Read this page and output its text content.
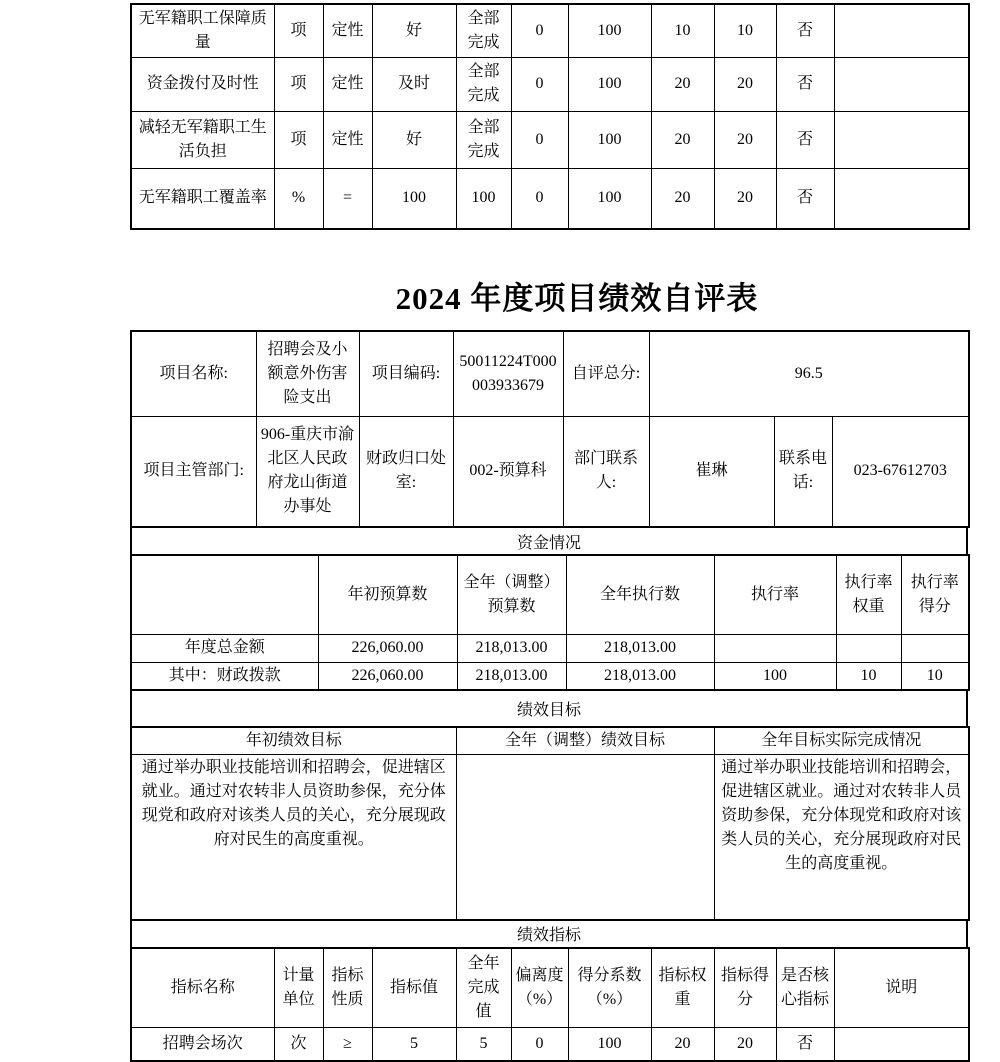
无军籍职工保障质量	项	定性	好	全部完成	0	100	10	10	否	
资金拨付及时性	项	定性	及时	全部完成	0	100	20	20	否	
减轻无军籍职工生活负担	项	定性	好	全部完成	0	100	20	20	否	
无军籍职工覆盖率	%	=	100	100	0	100	20	20	否	
2024 年度项目绩效自评表
项目名称:	招聘会及小额意外伤害险支出	项目编码:	50011224T000003933679	自评总分:	96.5		
项目主管部门:	906-重庆市渝北区人民政府龙山街道办事处	财政归口处室:	002-预算科	部门联系人:	崔琳	联系电话:	023-67612703
资金情况
	年初预算数	全年（调整）预算数	全年执行数	执行率	执行率权重	执行率得分
年度总金额	226,060.00	218,013.00	218,013.00			
其中：财政拨款	226,060.00	218,013.00	218,013.00	100	10	10
绩效目标
年初绩效目标	全年（调整）绩效目标	全年目标实际完成情况
通过举办职业技能培训和招聘会，促进辖区就业。通过对农转非人员资助参保，充分体现党和政府对该类人员的关心，充分展现政府对民生的高度重视。		通过举办职业技能培训和招聘会，促进辖区就业。通过对农转非人员资助参保，充分体现党和政府对该类人员的关心，充分展现政府对民生的高度重视。
绩效指标
指标名称	计量单位	指标性质	指标值	全年完成值	偏离度（%）	得分系数（%）	指标权重	指标得分	是否核心指标	说明
招聘会场次	次	≥	5	5	0	100	20	20	否	
